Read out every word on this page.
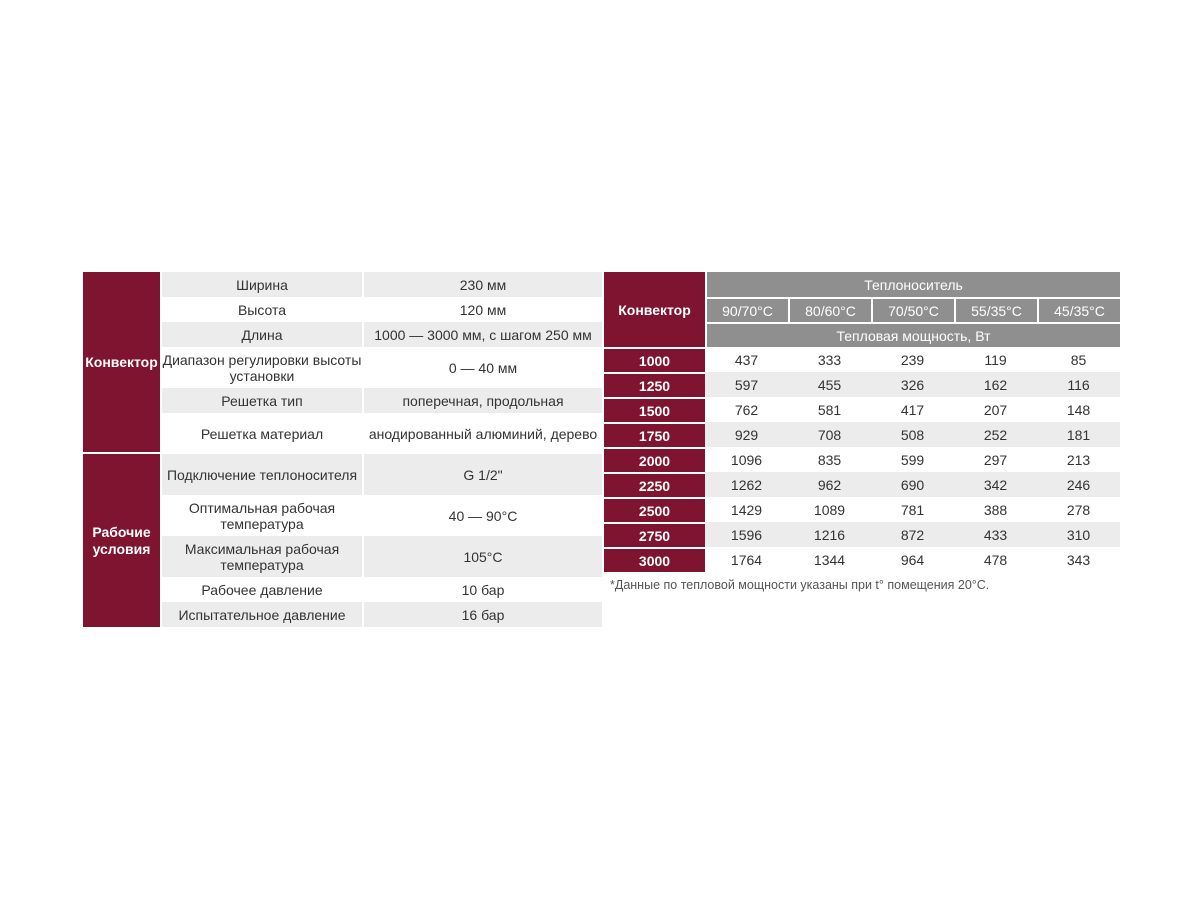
Конвектор	Ширина	230 мм
	Высота	120 мм
	Длина	1000 — 3000 мм, с шагом 250 мм
	Диапазон регулировки высоты установки	0 — 40 мм
	Решетка тип	поперечная, продольная
	Решетка материал	анодированный алюминий, дерево
Рабочие условия	Подключение теплоносителя	G 1/2"
	Оптимальная рабочая температура	40 — 90°C
	Максимальная рабочая температура	105°C
	Рабочее давление	10 бар
	Испытательное давление	16 бар
Конвектор	Теплоноситель				
	90/70°C	80/60°C	70/50°C	55/35°C	45/35°C
	Тепловая мощность, Вт				
1000	437	333	239	119	85
1250	597	455	326	162	116
1500	762	581	417	207	148
1750	929	708	508	252	181
2000	1096	835	599	297	213
2250	1262	962	690	342	246
2500	1429	1089	781	388	278
2750	1596	1216	872	433	310
3000	1764	1344	964	478	343
*Данные по тепловой мощности указаны при t° помещения 20°C.
